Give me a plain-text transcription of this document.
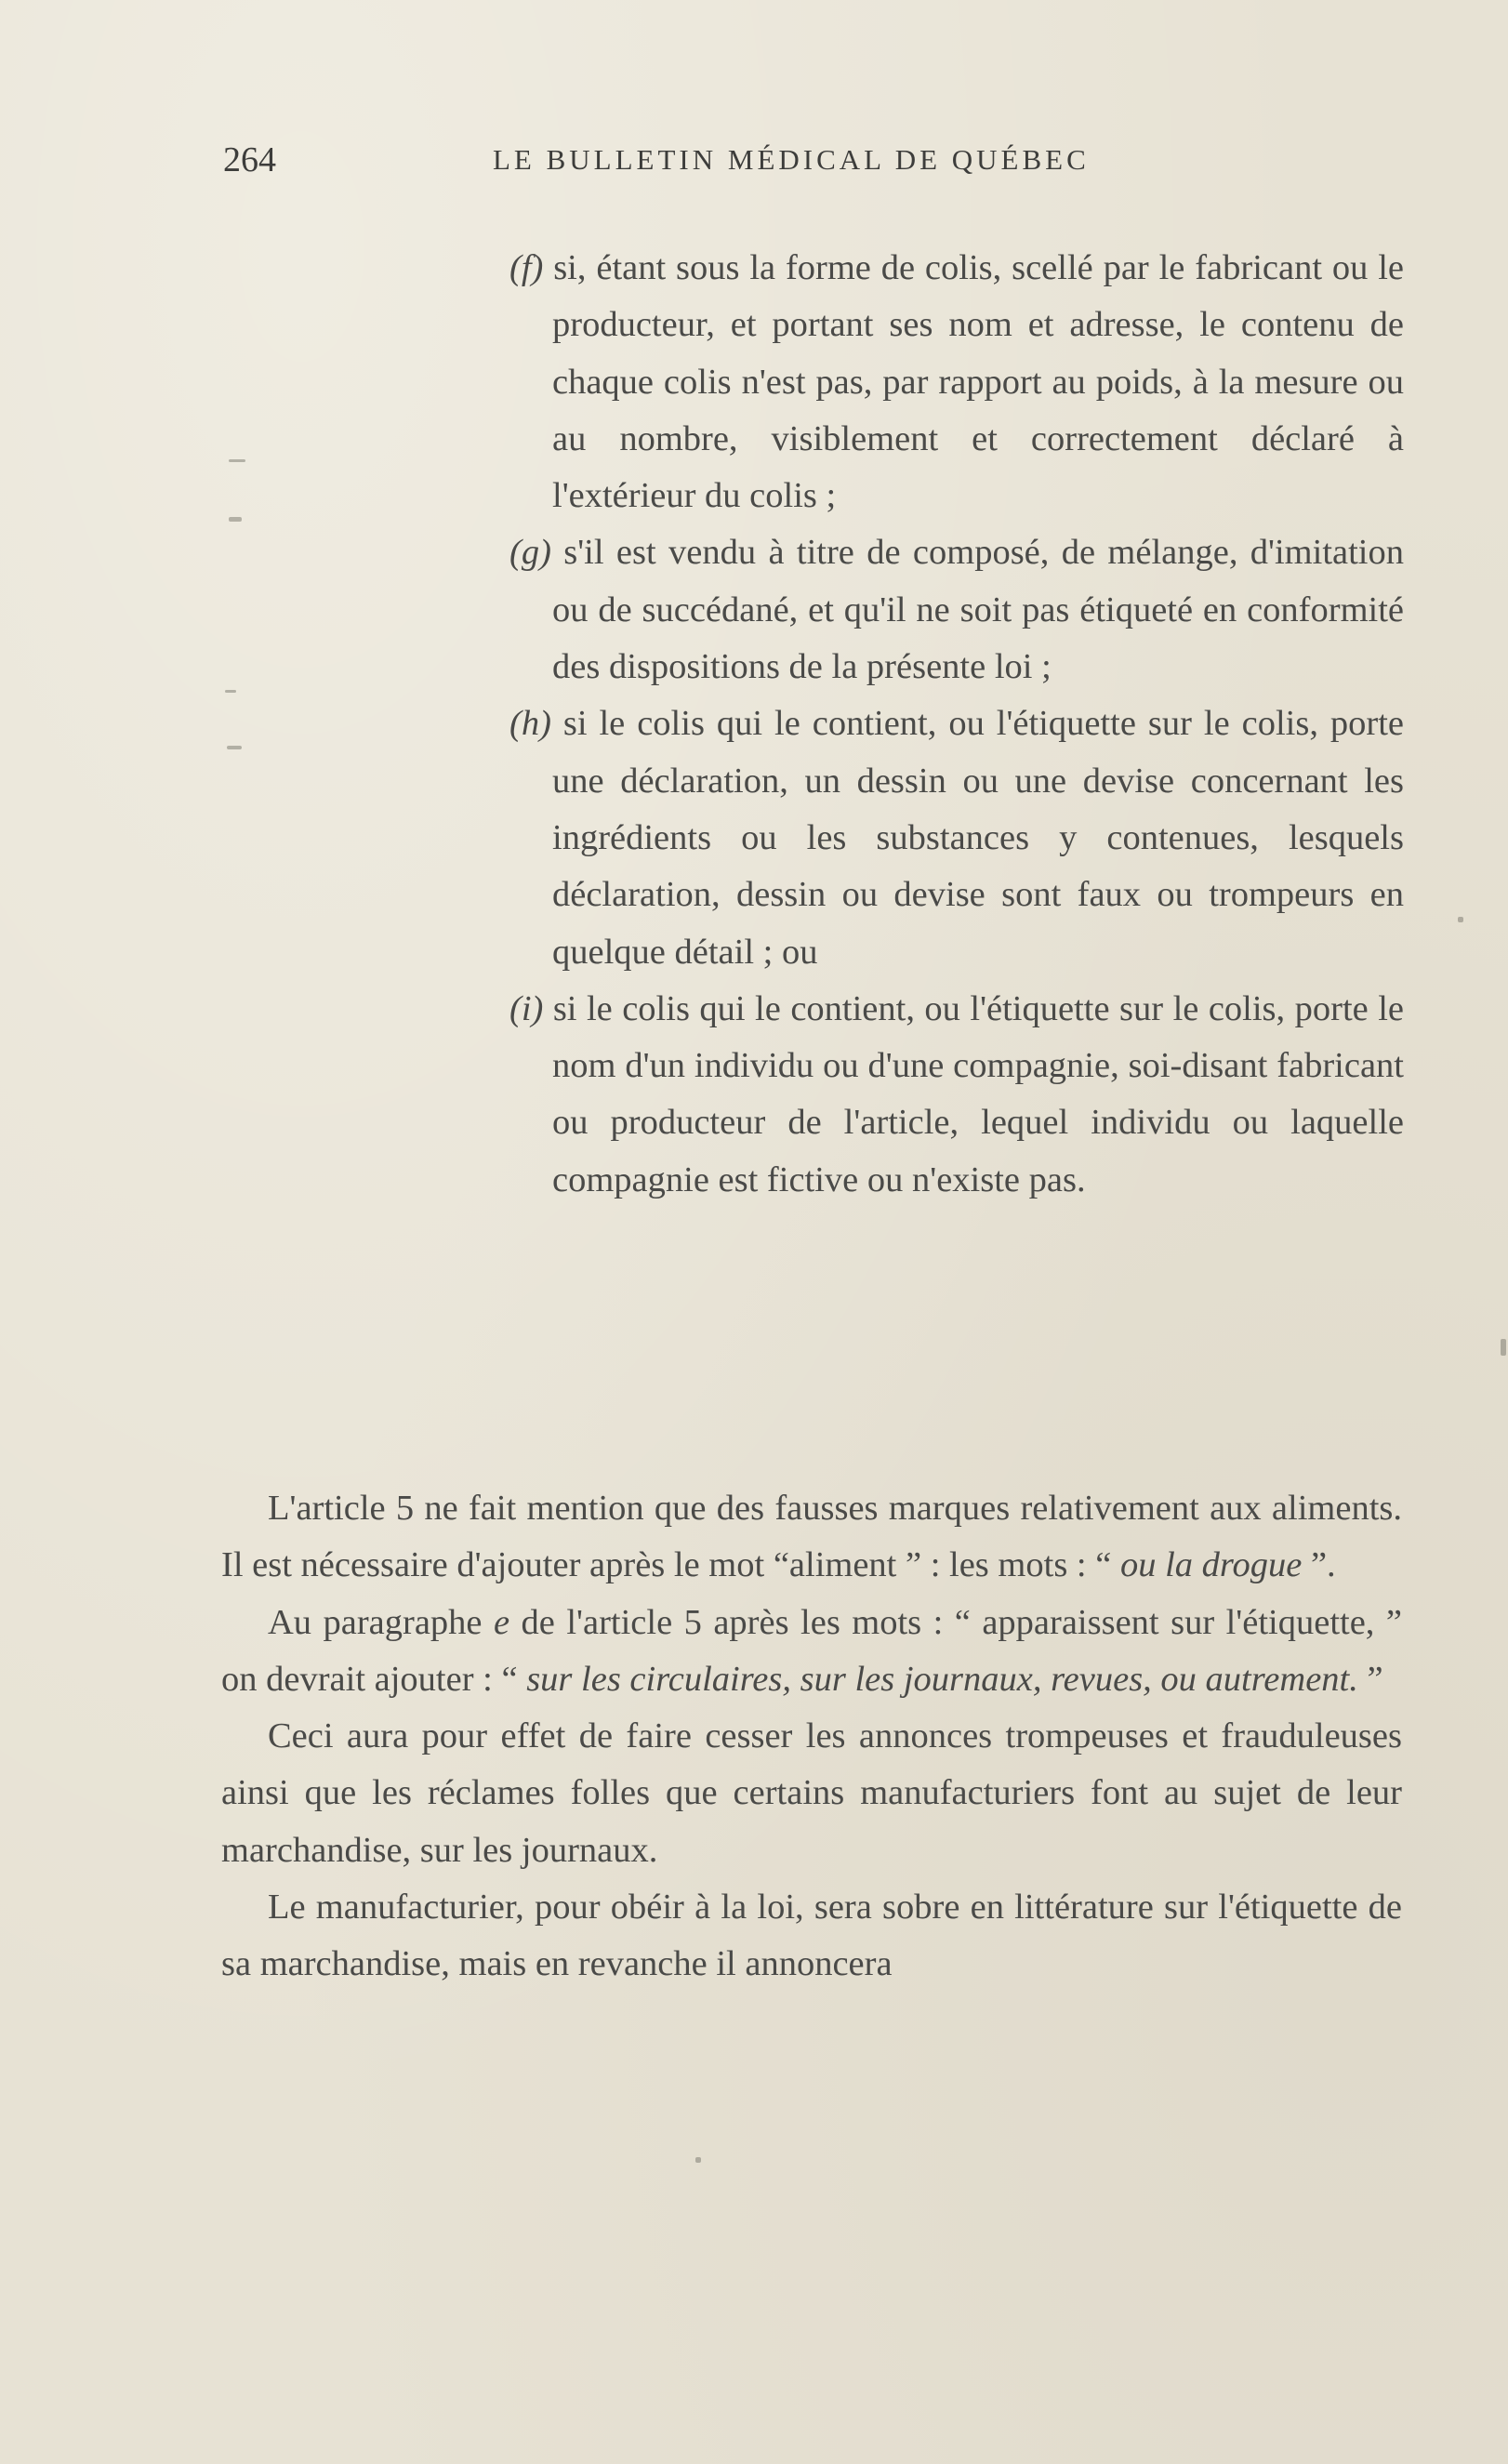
264	LE BULLETIN MÉDICAL DE QUÉBEC
(f) si, étant sous la forme de colis, scellé par le fabricant ou le producteur, et portant ses nom et adresse, le contenu de chaque colis n'est pas, par rapport au poids, à la mesure ou au nombre, visiblement et correctement déclaré à l'extérieur du colis ;
(g) s'il est vendu à titre de composé, de mélange, d'imitation ou de succédané, et qu'il ne soit pas étiqueté en conformité des dispositions de la présente loi ;
(h) si le colis qui le contient, ou l'étiquette sur le colis, porte une déclaration, un dessin ou une devise concernant les ingrédients ou les substances y contenues, lesquels déclaration, dessin ou devise sont faux ou trompeurs en quelque détail ; ou
(i) si le colis qui le contient, ou l'étiquette sur le colis, porte le nom d'un individu ou d'une compagnie, soi-disant fabricant ou producteur de l'article, lequel individu ou laquelle compagnie est fictive ou n'existe pas.

L'article 5 ne fait mention que des fausses marques relativement aux aliments. Il est nécessaire d'ajouter après le mot “aliment ” : les mots : “ ou la drogue ”.

Au paragraphe e de l'article 5 après les mots : “ apparaissent sur l'étiquette, ” on devrait ajouter : “ sur les circulaires, sur les journaux, revues, ou autrement. ”

Ceci aura pour effet de faire cesser les annonces trompeuses et frauduleuses ainsi que les réclames folles que certains manufacturiers font au sujet de leur marchandise, sur les journaux.

Le manufacturier, pour obéir à la loi, sera sobre en littérature sur l'étiquette de sa marchandise, mais en revanche il annoncera
